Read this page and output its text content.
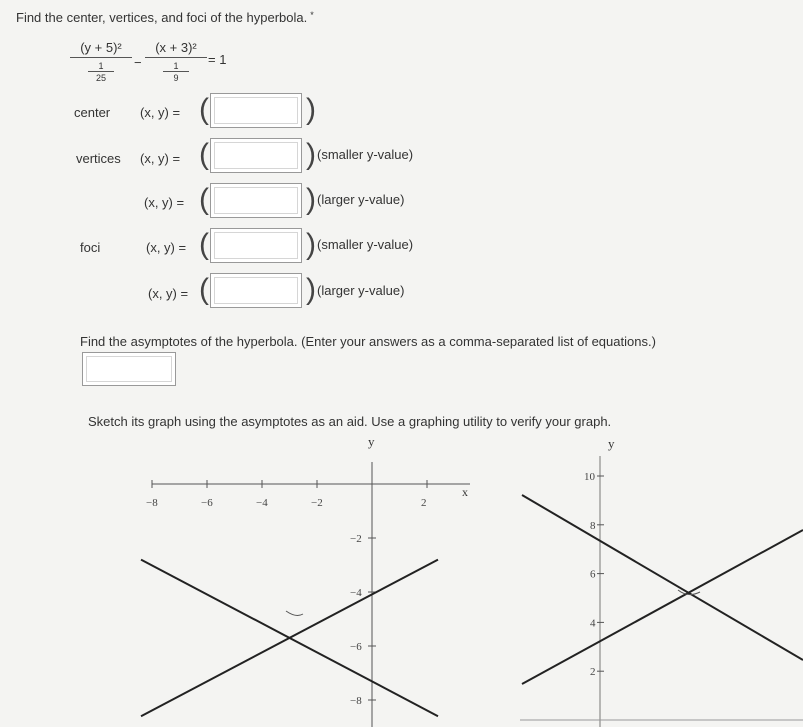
Find the center, vertices, and foci of the hyperbola. *
(y + 5)²
1
25
−
(x + 3)²
1
9
= 1
center
vertices
foci
(x, y) = (	)
(x, y) = (	) (smaller y-value)
(x, y) = (	) (larger y-value)
(x, y) = (	) (smaller y-value)
(x, y) = (	) (larger y-value)
Find the asymptotes of the hyperbola. (Enter your answers as a comma-separated list of equations.)
Sketch its graph using the asymptotes as an aid. Use a graphing utility to verify your graph.
−8	−6	−4	−2	2
−2
−4
−6
−8
y
x
10
8
6
4
2
y
